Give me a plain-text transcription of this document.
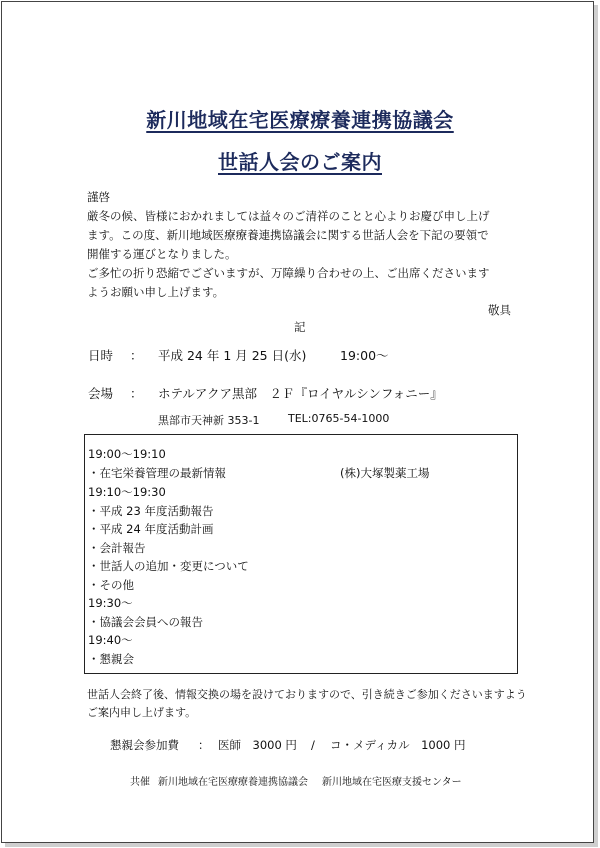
新川地域在宅医療療養連携協議会
世話人会のご案内
謹啓
厳冬の候、皆様におかれましては益々のご清祥のことと心よりお慶び申し上げ
ます。この度、新川地域医療療養連携協議会に関する世話人会を下記の要領で
開催する運びとなりました。
ご多忙の折り恐縮でございますが、万障繰り合わせの上、ご出席くださいます
ようお願い申し上げます。
敬具
記
日時 ： 平成 24 年 1 月 25 日(水)	19:00～
会場 ： ホテルアクア黒部　２Ｆ『ロイヤルシンフォニー』
黒部市天神新 353-1	TEL:0765-54-1000
19:00～19:10
・在宅栄養管理の最新情報	(株)大塚製薬工場
19:10～19:30
・平成 23 年度活動報告
・平成 24 年度活動計画
・会計報告
・世話人の追加・変更について
・その他
19:30～
・協議会会員への報告
19:40～
・懇親会
世話人会終了後、情報交換の場を設けておりますので、引き続きご参加くださいますよう
ご案内申し上げます。
懇親会参加費 ： 医師　3000 円 / コ・メディカル　1000 円
共催 新川地域在宅医療療養連携協議会 新川地域在宅医療支援センター
